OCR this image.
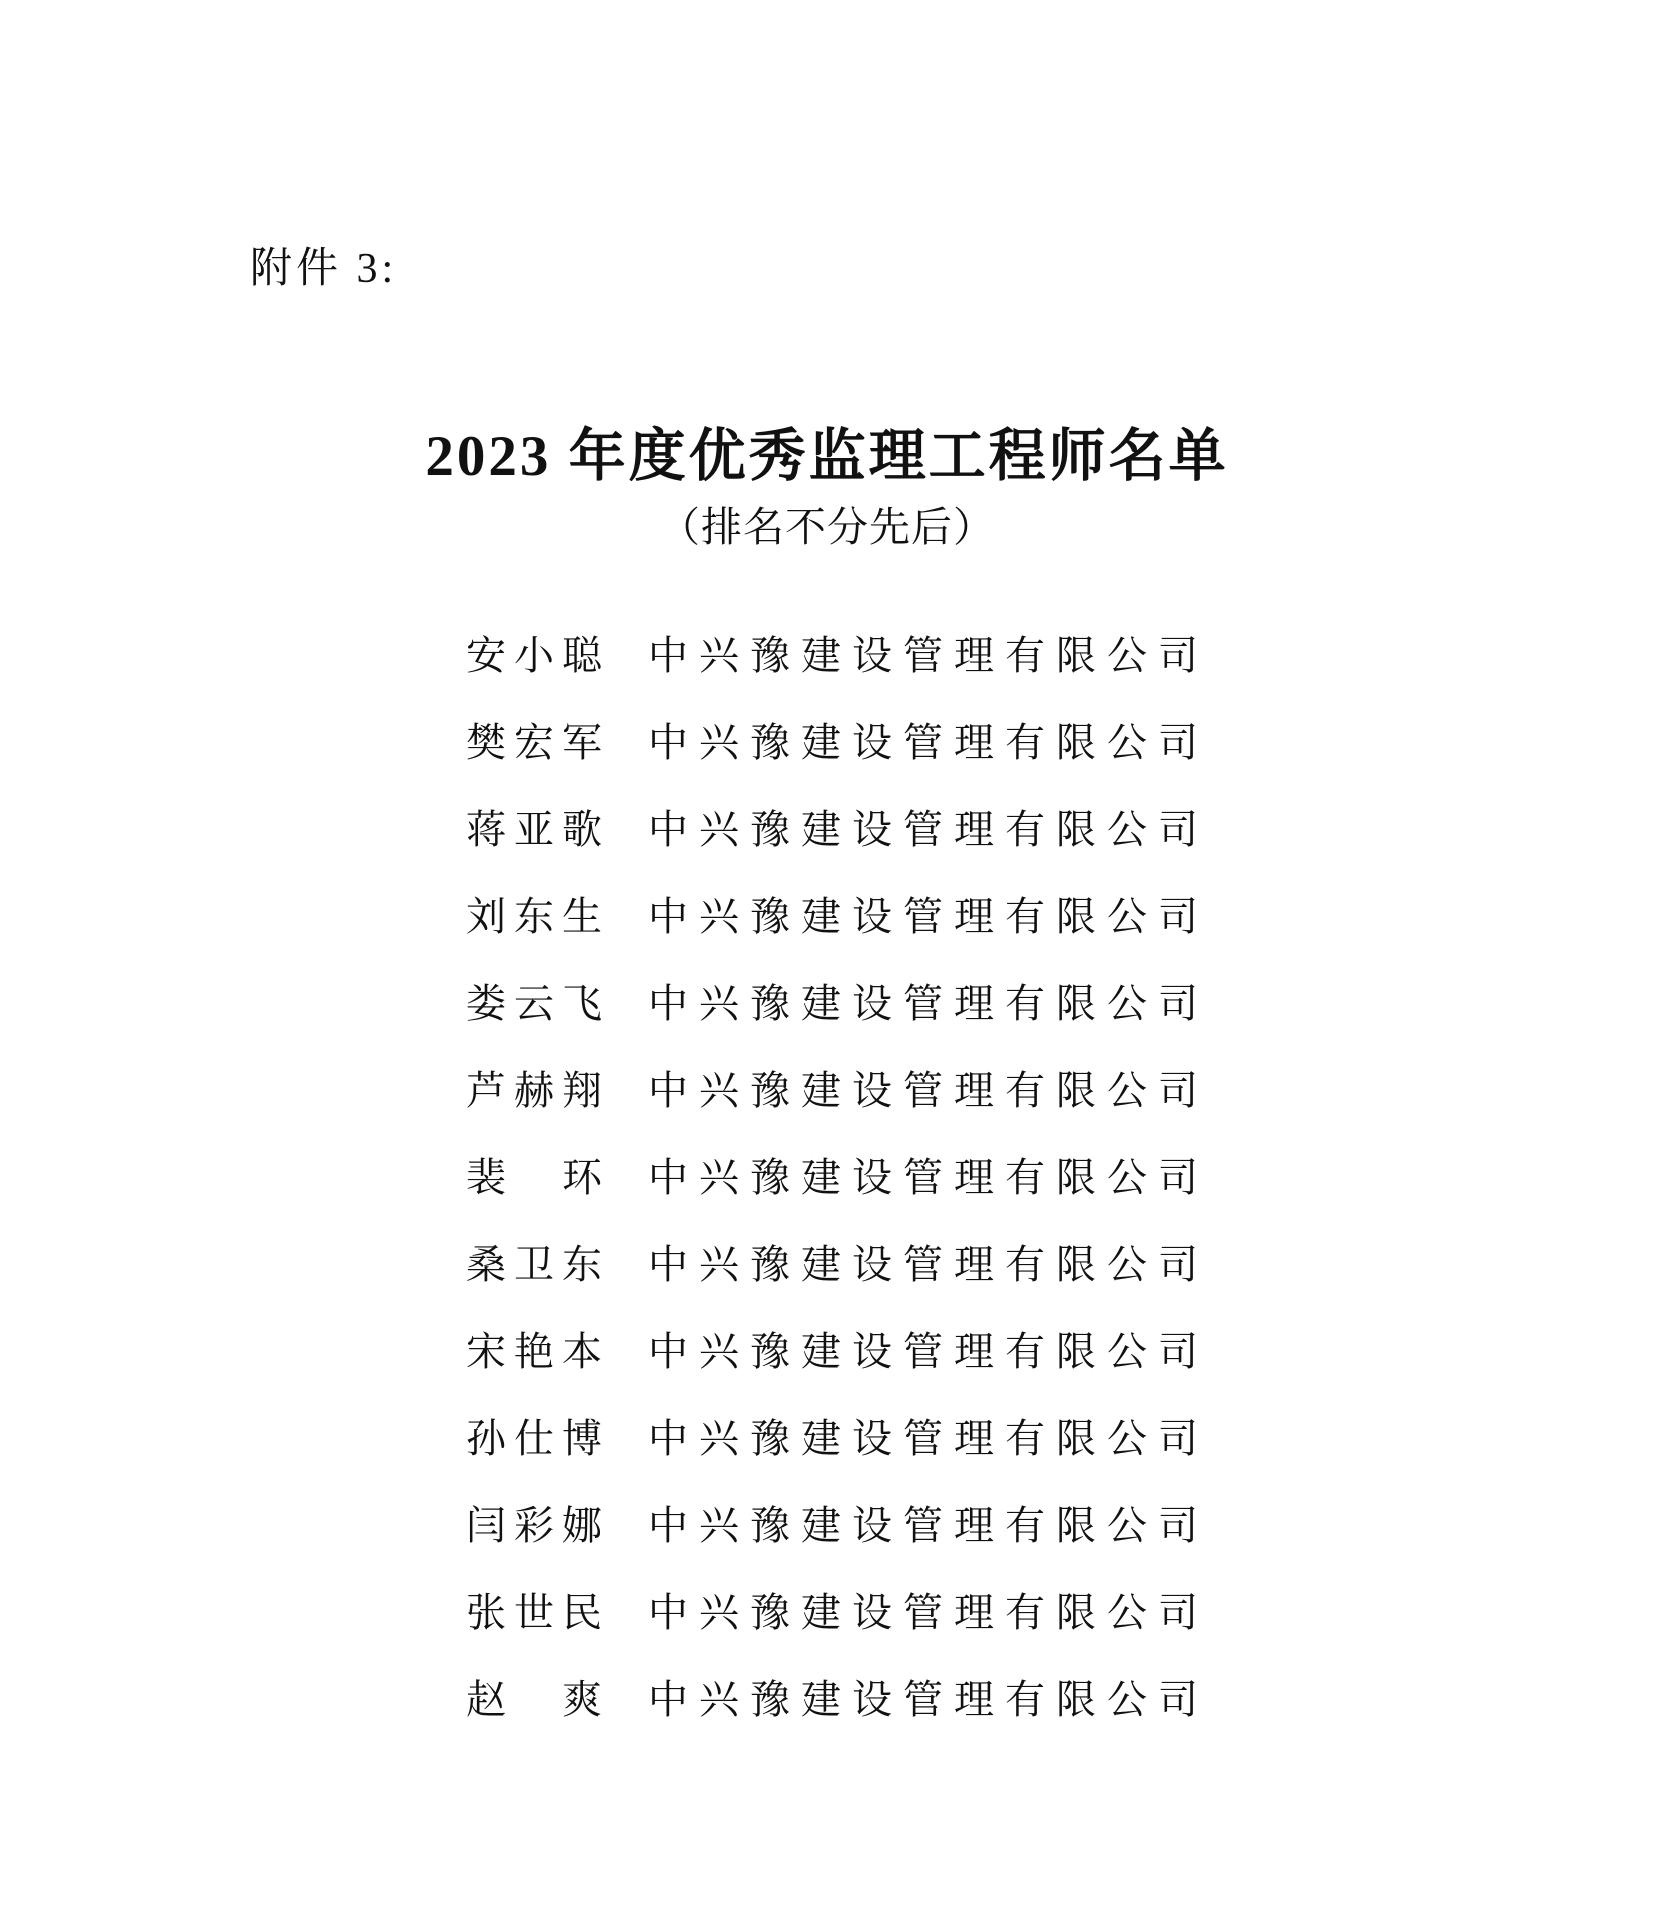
附件 3:
2023 年度优秀监理工程师名单
（排名不分先后）
安小聪 中兴豫建设管理有限公司
樊宏军 中兴豫建设管理有限公司
蒋亚歌 中兴豫建设管理有限公司
刘东生 中兴豫建设管理有限公司
娄云飞 中兴豫建设管理有限公司
芦赫翔 中兴豫建设管理有限公司
裴　环 中兴豫建设管理有限公司
桑卫东 中兴豫建设管理有限公司
宋艳本 中兴豫建设管理有限公司
孙仕博 中兴豫建设管理有限公司
闫彩娜 中兴豫建设管理有限公司
张世民 中兴豫建设管理有限公司
赵　爽 中兴豫建设管理有限公司
